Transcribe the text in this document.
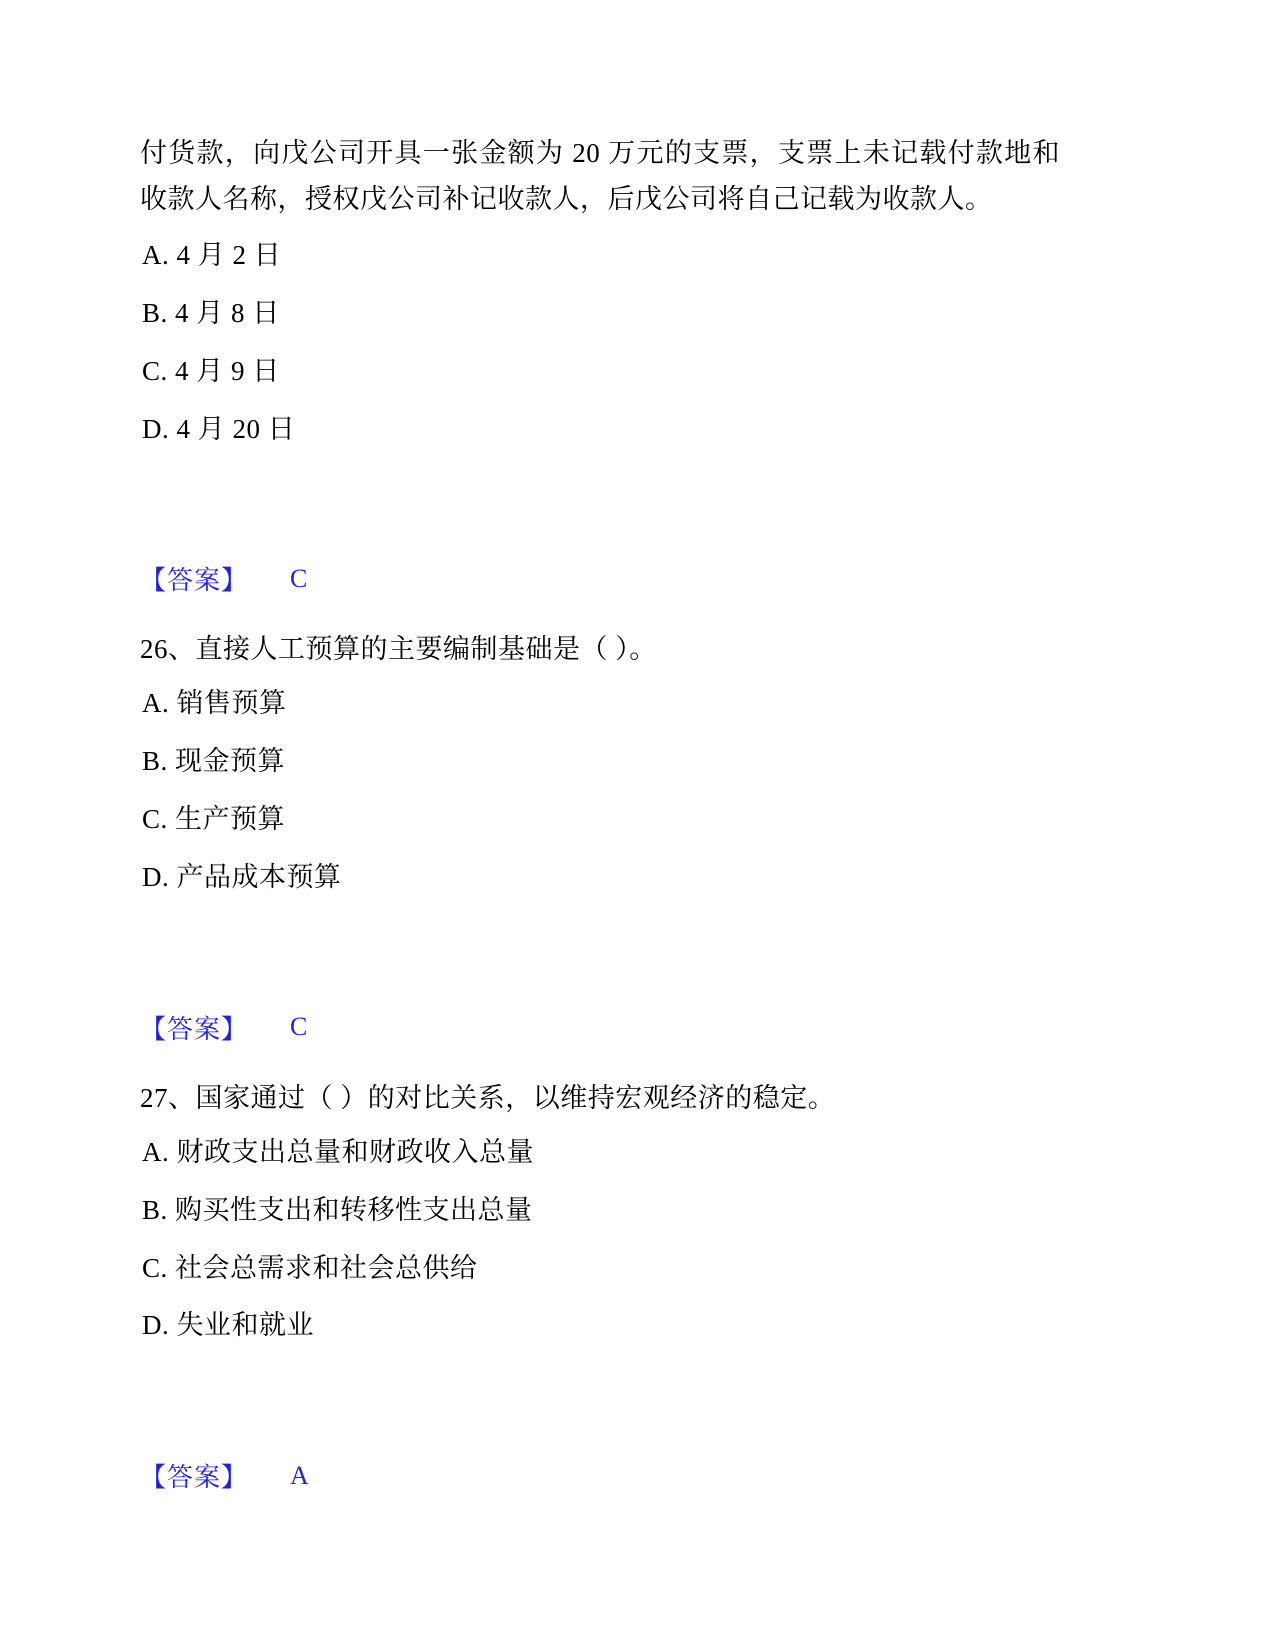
付货款，向戊公司开具一张金额为 20 万元的支票，支票上未记载付款地和收款人名称，授权戊公司补记收款人，后戊公司将自己记载为收款人。

A. 4 月 2 日

B. 4 月 8 日

C. 4 月 9 日

D. 4 月 20 日

【答案】 C

26、直接人工预算的主要编制基础是（ ）。

A. 销售预算

B. 现金预算

C. 生产预算

D. 产品成本预算

【答案】 C

27、国家通过（ ）的对比关系，以维持宏观经济的稳定。

A. 财政支出总量和财政收入总量

B. 购买性支出和转移性支出总量

C. 社会总需求和社会总供给

D. 失业和就业

【答案】 A
